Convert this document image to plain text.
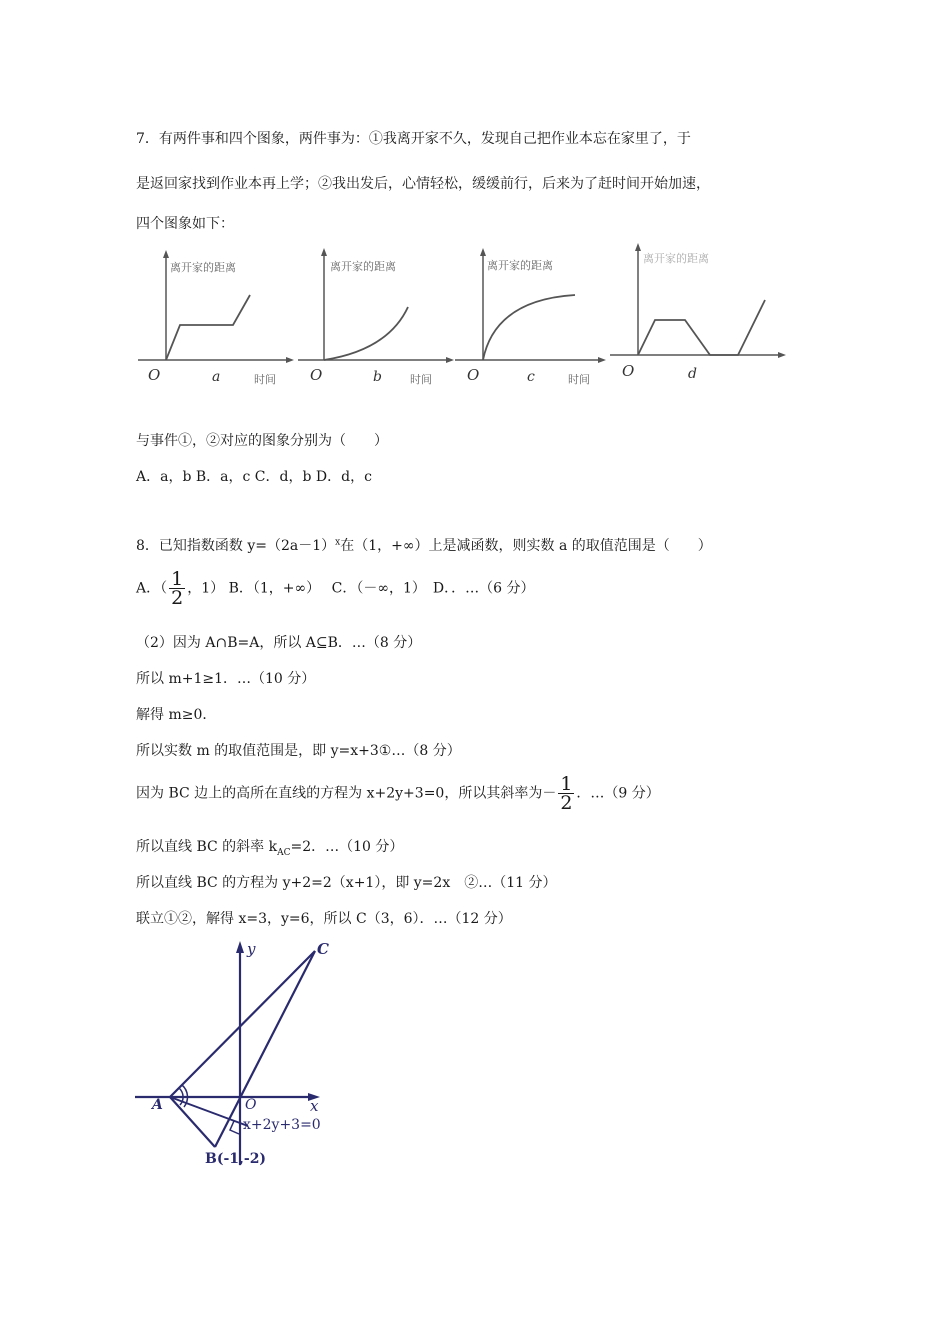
7．有两件事和四个图象，两件事为：①我离开家不久，发现自己把作业本忘在家里了，于
是返回家找到作业本再上学；②我出发后，心情轻松，缓缓前行，后来为了赶时间开始加速，
四个图象如下：
离开家的距离
O	a	时间
离开家的距离
O	b	时间
离开家的距离
O	c	时间
离开家的距离
O	d
与事件①，②对应的图象分别为（　　）
A．a，b B．a，c C．d，b D．d，c
8．已知指数函数 $y=(2a-1)^x$在（1，+∞）上是减函数，则实数 a 的取值范围是（　　）
A．（ $\frac{1}{2}$ ，1） B．（1，+∞）　 C．（－∞，1）　D．．…（6 分）
（2）因为 A∩B=A，所以 A⊆B．…（8 分）
所以 m+1≥1．…（10 分）
解得 m≥0．
所以实数 m 的取值范围是，即 y=x+3①…（8 分）
因为 BC 边上的高所在直线的方程为 x+2y+3=0，所以其斜率为－ $\frac{1}{2}$ ．…（9 分）
所以直线 BC 的斜率 $k_{AC}=2$．…（10 分）
所以直线 BC 的方程为 y+2=2（x+1），即 y=2x　②…（11 分）
联立①②，解得 x=3，y=6，所以 C（3，6）．…（12 分）
y	C
A	O	x
x+2y+3=0
B(-1,-2)
